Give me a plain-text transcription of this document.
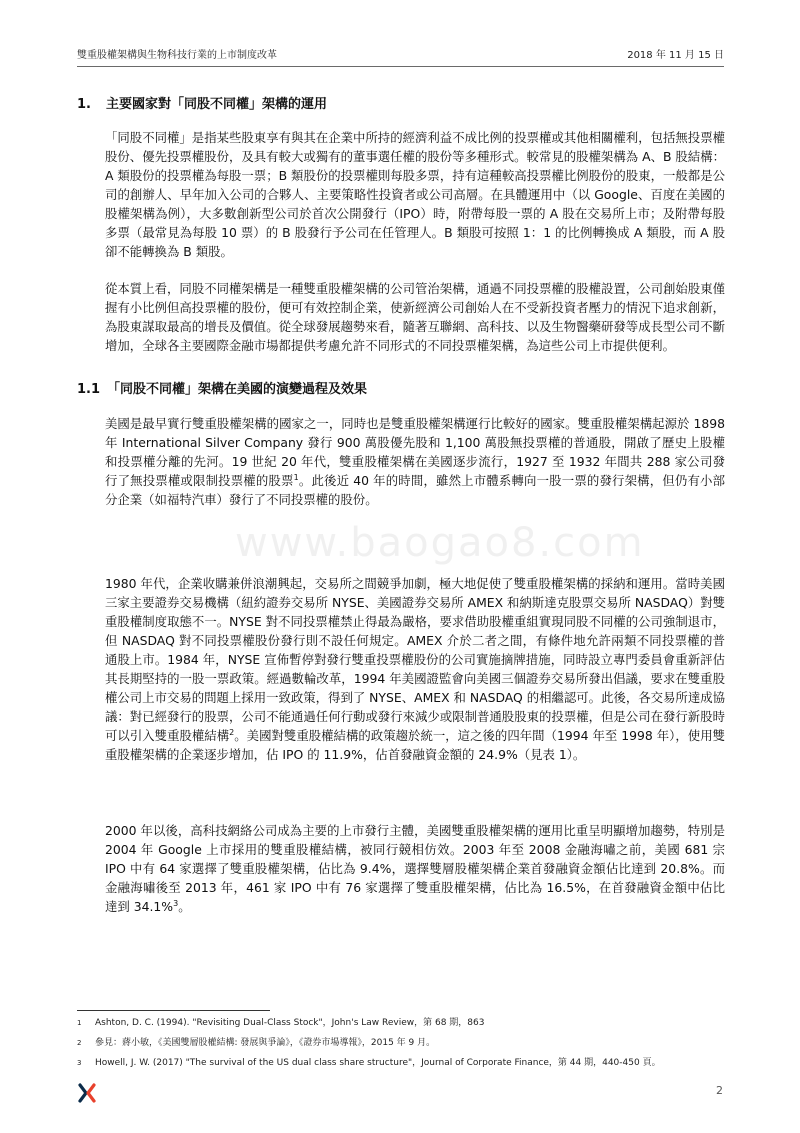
雙重股權架構與生物科技行業的上市制度改革	2018 年 11 月 15 日
1. 主要國家對「同股不同權」架構的運用
「同股不同權」是指某些股東享有與其在企業中所持的經濟利益不成比例的投票權或其他相關權利，包括無投票權股份、優先投票權股份，及具有較大或獨有的董事選任權的股份等多種形式。較常見的股權架構為 A、B 股結構：A 類股份的投票權為每股一票；B 類股份的投票權則每股多票，持有這種較高投票權比例股份的股東，一般都是公司的創辦人、早年加入公司的合夥人、主要策略性投資者或公司高層。在具體運用中（以 Google、百度在美國的股權架構為例），大多數創新型公司於首次公開發行（IPO）時，附帶每股一票的 A 股在交易所上市；及附帶每股多票（最常見為每股 10 票）的 B 股發行予公司在任管理人。B 類股可按照 1：1 的比例轉換成 A 類股，而 A 股卻不能轉換為 B 類股。
從本質上看，同股不同權架構是一種雙重股權架構的公司管治架構，通過不同投票權的股權設置，公司創始股東僅握有小比例但高投票權的股份，便可有效控制企業，使新經濟公司創始人在不受新投資者壓力的情況下追求創新，為股東謀取最高的增長及價值。從全球發展趨勢來看，隨著互聯網、高科技、以及生物醫藥研發等成長型公司不斷增加，全球各主要國際金融市場都提供考慮允許不同形式的不同投票權架構，為這些公司上市提供便利。
1.1 「同股不同權」架構在美國的演變過程及效果
美國是最早實行雙重股權架構的國家之一，同時也是雙重股權架構運行比較好的國家。雙重股權架構起源於 1898 年 International Silver Company 發行 900 萬股優先股和 1,100 萬股無投票權的普通股，開啟了歷史上股權和投票權分離的先河。19 世紀 20 年代，雙重股權架構在美國逐步流行，1927 至 1932 年間共 288 家公司發行了無投票權或限制投票權的股票$^1$。此後近 40 年的時間，雖然上市體系轉向一股一票的發行架構，但仍有小部分企業（如福特汽車）發行了不同投票權的股份。
1980 年代，企業收購兼併浪潮興起，交易所之間競爭加劇，極大地促使了雙重股權架構的採納和運用。當時美國三家主要證券交易機構（紐約證券交易所 NYSE、美國證券交易所 AMEX 和納斯達克股票交易所 NASDAQ）對雙重股權制度取態不一。NYSE 對不同投票權禁止得最為嚴格，要求借助股權重組實現同股不同權的公司強制退市，但 NASDAQ 對不同投票權股份發行則不設任何規定。AMEX 介於二者之間，有條件地允許兩類不同投票權的普通股上市。1984 年，NYSE 宣佈暫停對發行雙重投票權股份的公司實施摘牌措施，同時設立專門委員會重新評估其長期堅持的一股一票政策。經過數輪改革，1994 年美國證監會向美國三個證券交易所發出倡議，要求在雙重股權公司上市交易的問題上採用一致政策，得到了 NYSE、AMEX 和 NASDAQ 的相繼認可。此後，各交易所達成協議：對已經發行的股票，公司不能通過任何行動或發行來減少或限制普通股股東的投票權，但是公司在發行新股時可以引入雙重股權結構$^2$。美國對雙重股權結構的政策趨於統一，這之後的四年間（1994 年至 1998 年），使用雙重股權架構的企業逐步增加，佔 IPO 的 11.9%，佔首發融資金額的 24.9%（見表 1）。
2000 年以後，高科技網絡公司成為主要的上市發行主體，美國雙重股權架構的運用比重呈明顯增加趨勢，特別是 2004 年 Google 上市採用的雙重股權結構，被同行競相仿效。2003 年至 2008 金融海嘯之前，美國 681 宗 IPO 中有 64 家選擇了雙重股權架構，佔比為 9.4%，選擇雙層股權架構企業首發融資金額佔比達到 20.8%。而金融海嘯後至 2013 年，461 家 IPO 中有 76 家選擇了雙重股權架構，佔比為 16.5%，在首發融資金額中佔比達到 34.1%$^3$。
www.baogao8.com
1 Ashton, D. C. (1994). "Revisiting Dual-Class Stock"，John's Law Review，第 68 期，863
2 參見：蔣小敏，《美國雙層股權結構: 發展與爭論》，《證券市場導報》，2015 年 9 月。
3 Howell, J. W. (2017) "The survival of the US dual class share structure"，Journal of Corporate Finance，第 44 期，440-450 頁。
2
